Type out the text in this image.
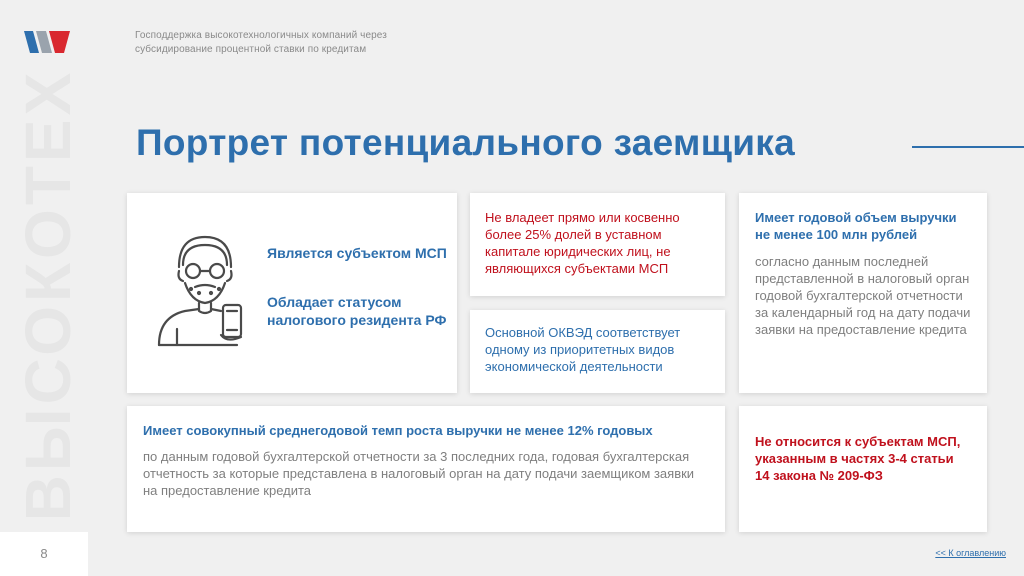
Господдержка высокотехнологичных компаний через
субсидирование процентной ставки по кредитам
ВЫСОКОТЕХ Портрет потенциального заемщика
Является субъектом МСП
Обладает статусом налогового резидента РФ
Не владеет прямо или косвенно более 25% долей в уставном капитале юридических лиц, не являющихся субъектами МСП
Основной ОКВЭД соответствует одному из приоритетных видов экономической деятельности
Имеет годовой объем выручки не менее 100 млн рублей
согласно данным последней представленной в налоговый орган годовой бухгалтерской отчетности за календарный год на дату подачи заявки на предоставление кредита
Имеет совокупный среднегодовой темп роста выручки не менее 12% годовых
по данным годовой бухгалтерской отчетности за 3 последних года, годовая бухгалтерская отчетность за которые представлена в налоговый орган на дату подачи заемщиком заявки на предоставление кредита
Не относится к субъектам МСП, указанным в частях 3-4 статьи 14 закона № 209-ФЗ
8	<< К оглавлению
